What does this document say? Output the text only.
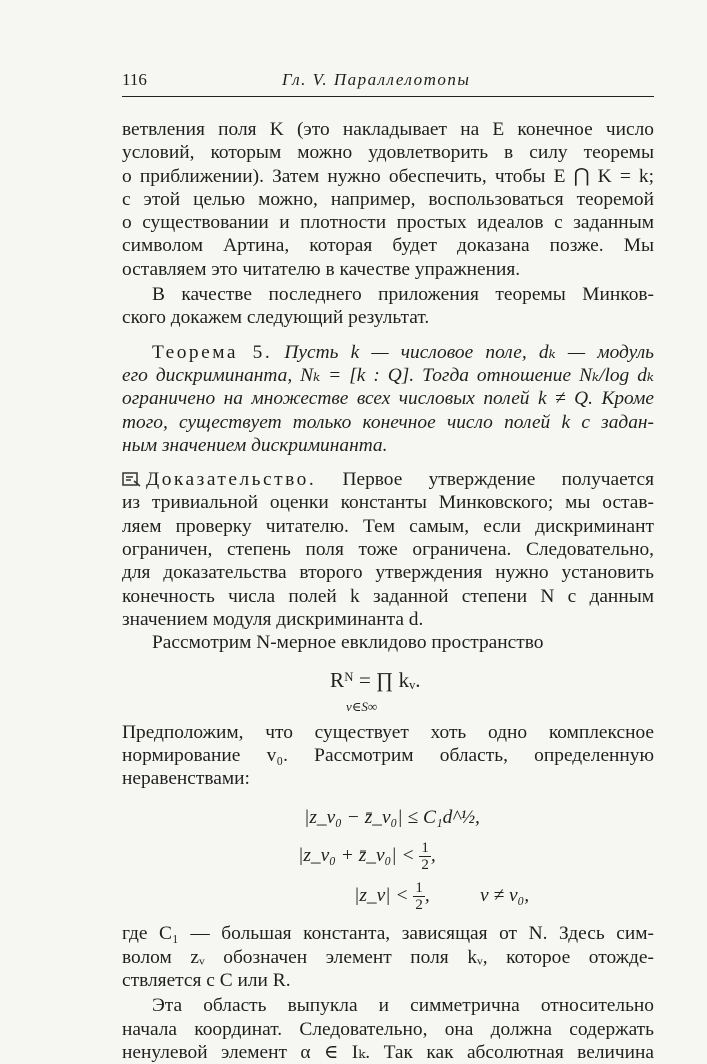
116	Гл. V. Параллелотопы
ветвления поля K (это накладывает на E конечное число
условий, которым можно удовлетворить в силу теоремы
о приближении). Затем нужно обеспечить, чтобы E ⋂ K = k;
с этой целью можно, например, воспользоваться теоремой
о существовании и плотности простых идеалов с заданным
символом Артина, которая будет доказана позже. Мы
оставляем это читателю в качестве упражнения.
В качестве последнего приложения теоремы Минков-
ского докажем следующий результат.
Теорема 5. Пусть k — числовое поле, dₖ — модуль
его дискриминанта, Nₖ = [k : Q]. Тогда отношение Nₖ/log dₖ
ограничено на множестве всех числовых полей k ≠ Q. Кроме
того, существует только конечное число полей k с задан-
ным значением дискриминанта.
Доказательство. Первое утверждение получается
из тривиальной оценки константы Минковского; мы остав-
ляем проверку читателю. Тем самым, если дискриминант
ограничен, степень поля тоже ограничена. Следовательно,
для доказательства второго утверждения нужно установить
конечность числа полей k заданной степени N с данным
значением модуля дискриминанта d.
Рассмотрим N-мерное евклидово пространство
Rᴺ = ∏ kᵥ.
v∈S∞
Предположим, что существует хоть одно комплексное
нормирование v₀. Рассмотрим область, определенную
неравенствами:
|z_v₀ − z̄_v₀| ≤ C₁d^½,
|z_v₀ + z̄_v₀| < $\frac{1}{2}$ ,
|z_v| < $\frac{1}{2}$ ,	v ≠ v₀,
где C₁ — большая константа, зависящая от N. Здесь сим-
волом zᵥ обозначен элемент поля kᵥ, которое отожде-
ствляется с C или R.
Эта область выпукла и симметрична относительно
начала координат. Следовательно, она должна содержать
ненулевой элемент α ∈ Iₖ. Так как абсолютная величина
